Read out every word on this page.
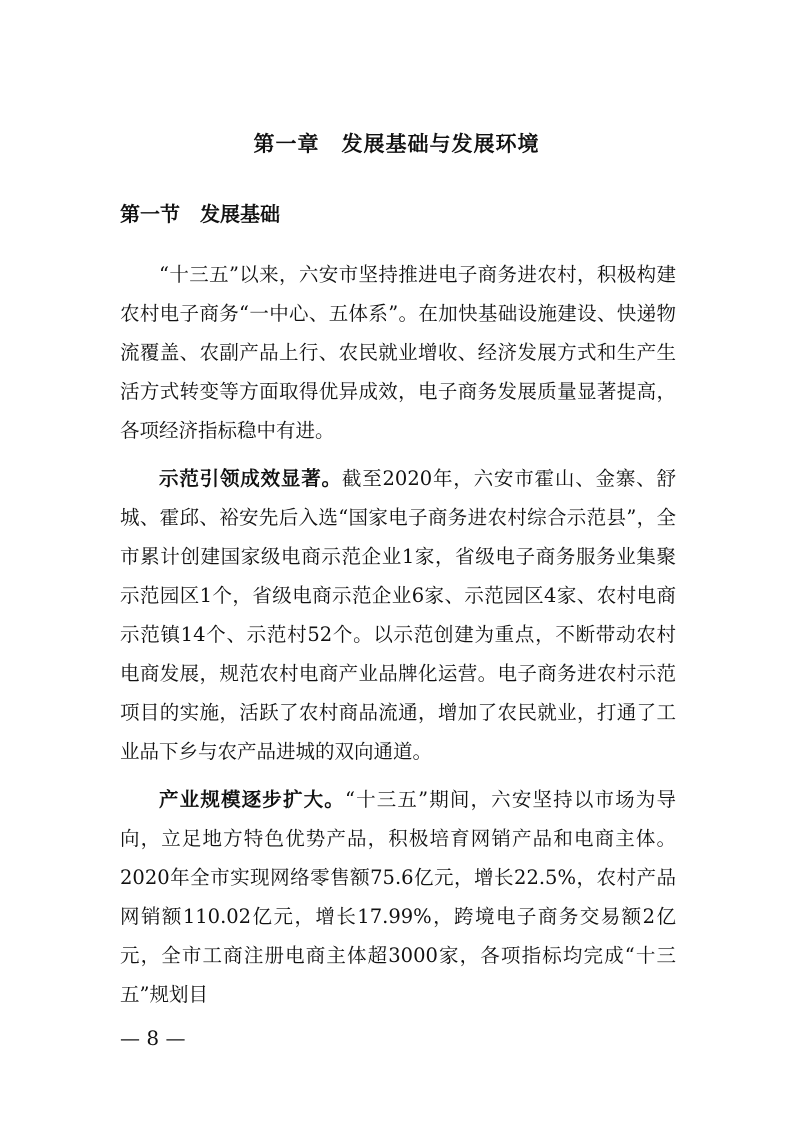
第一章　发展基础与发展环境
第一节　发展基础

“十三五”以来，六安市坚持推进电子商务进农村，积极构建农村电子商务“一中心、五体系”。在加快基础设施建设、快递物流覆盖、农副产品上行、农民就业增收、经济发展方式和生产生活方式转变等方面取得优异成效，电子商务发展质量显著提高，各项经济指标稳中有进。

示范引领成效显著。截至2020年，六安市霍山、金寨、舒城、霍邱、裕安先后入选“国家电子商务进农村综合示范县”，全市累计创建国家级电商示范企业1家，省级电子商务服务业集聚示范园区1个，省级电商示范企业6家、示范园区4家、农村电商示范镇14个、示范村52个。以示范创建为重点，不断带动农村电商发展，规范农村电商产业品牌化运营。电子商务进农村示范项目的实施，活跃了农村商品流通，增加了农民就业，打通了工业品下乡与农产品进城的双向通道。

产业规模逐步扩大。“十三五”期间，六安坚持以市场为导向，立足地方特色优势产品，积极培育网销产品和电商主体。2020年全市实现网络零售额75.6亿元，增长22.5%，农村产品网销额110.02亿元，增长17.99%，跨境电子商务交易额2亿元，全市工商注册电商主体超3000家，各项指标均完成“十三五”规划目

— 8 —
